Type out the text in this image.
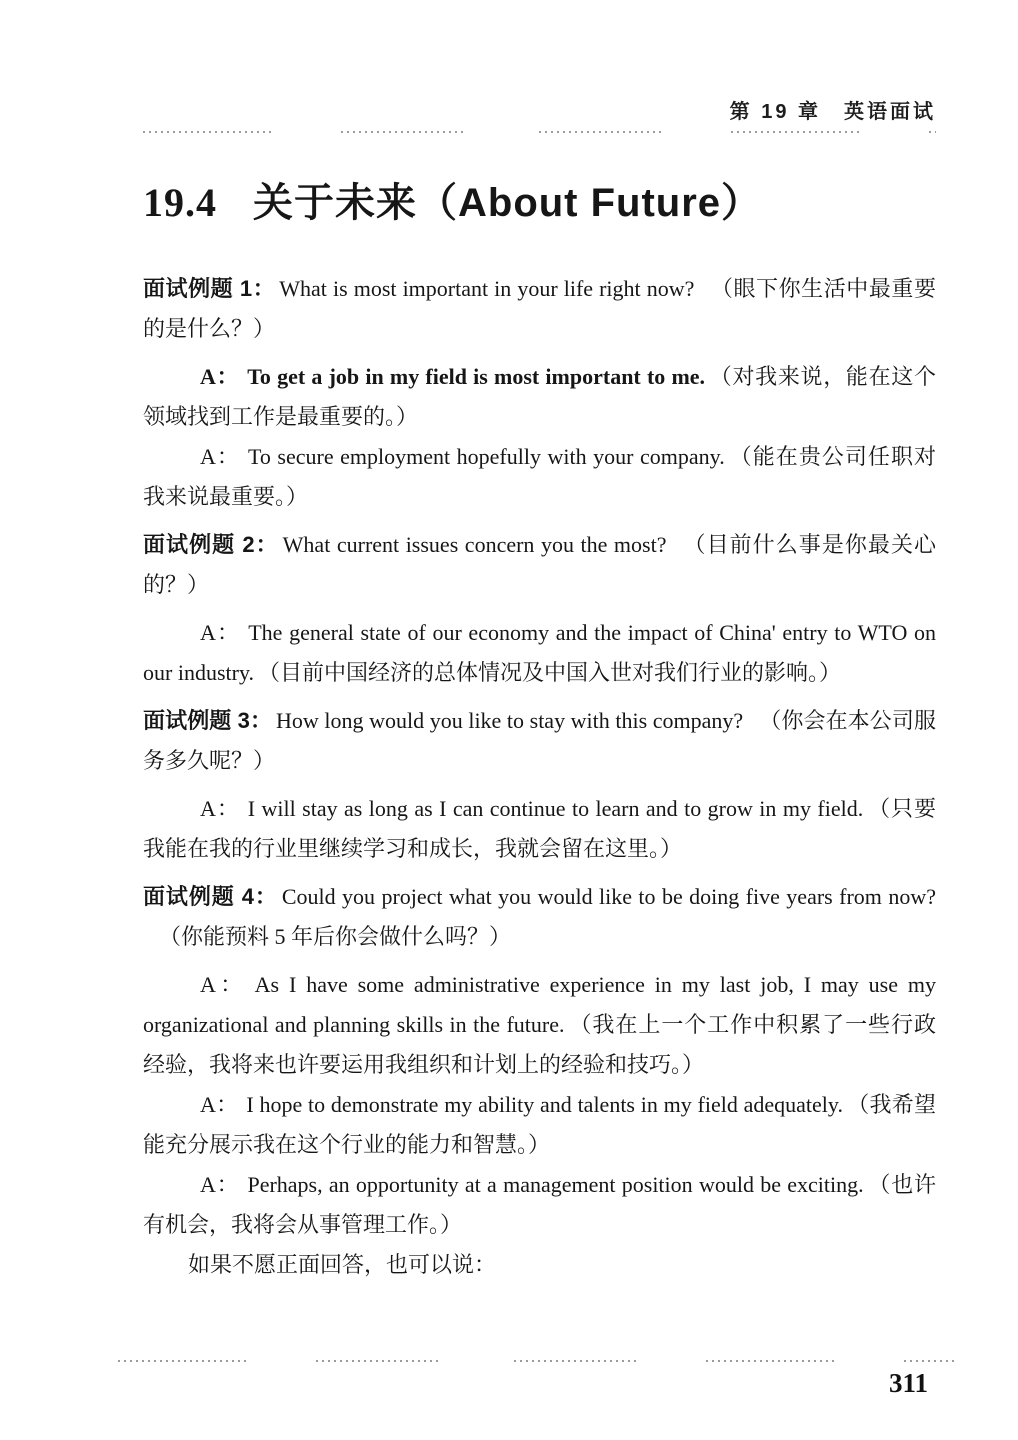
第 19 章　英语面试
19.4 关于未来（About Future）

面试例题 1： What is most important in your life right now? （眼下你生活中最重要的是什么？）

A： To get a job in my field is most important to me. （对我来说，能在这个领域找到工作是最重要的。）

A： To secure employment hopefully with your company. （能在贵公司任职对我来说最重要。）

面试例题 2： What current issues concern you the most? （目前什么事是你最关心的？）

A： The general state of our economy and the impact of China' entry to WTO on our industry. （目前中国经济的总体情况及中国入世对我们行业的影响。）

面试例题 3： How long would you like to stay with this company? （你会在本公司服务多久呢？）

A： I will stay as long as I can continue to learn and to grow in my field. （只要我能在我的行业里继续学习和成长，我就会留在这里。）

面试例题 4： Could you project what you would like to be doing five years from now?（你能预料 5 年后你会做什么吗？）

A： As I have some administrative experience in my last job, I may use my organizational and planning skills in the future. （我在上一个工作中积累了一些行政经验，我将来也许要运用我组织和计划上的经验和技巧。）

A： I hope to demonstrate my ability and talents in my field adequately. （我希望能充分展示我在这个行业的能力和智慧。）

A： Perhaps, an opportunity at a management position would be exciting. （也许有机会，我将会从事管理工作。）

如果不愿正面回答，也可以说：

311
